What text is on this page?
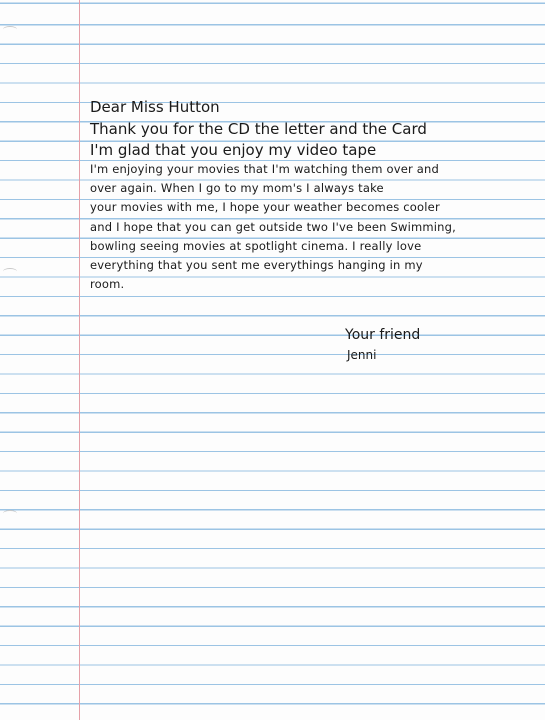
Dear Miss Hutton
Thank you for the CD the letter and the Card
I'm glad that you enjoy my video tape
I'm enjoying your movies that I'm watching them over and
over again. When I go to my mom's I always take
your movies with me, I hope your weather becomes cooler
and I hope that you can get outside two I've been Swimming,
bowling seeing movies at spotlight cinema. I really love
everything that you sent me everythings hanging in my
room.
Your friend
Jenni
